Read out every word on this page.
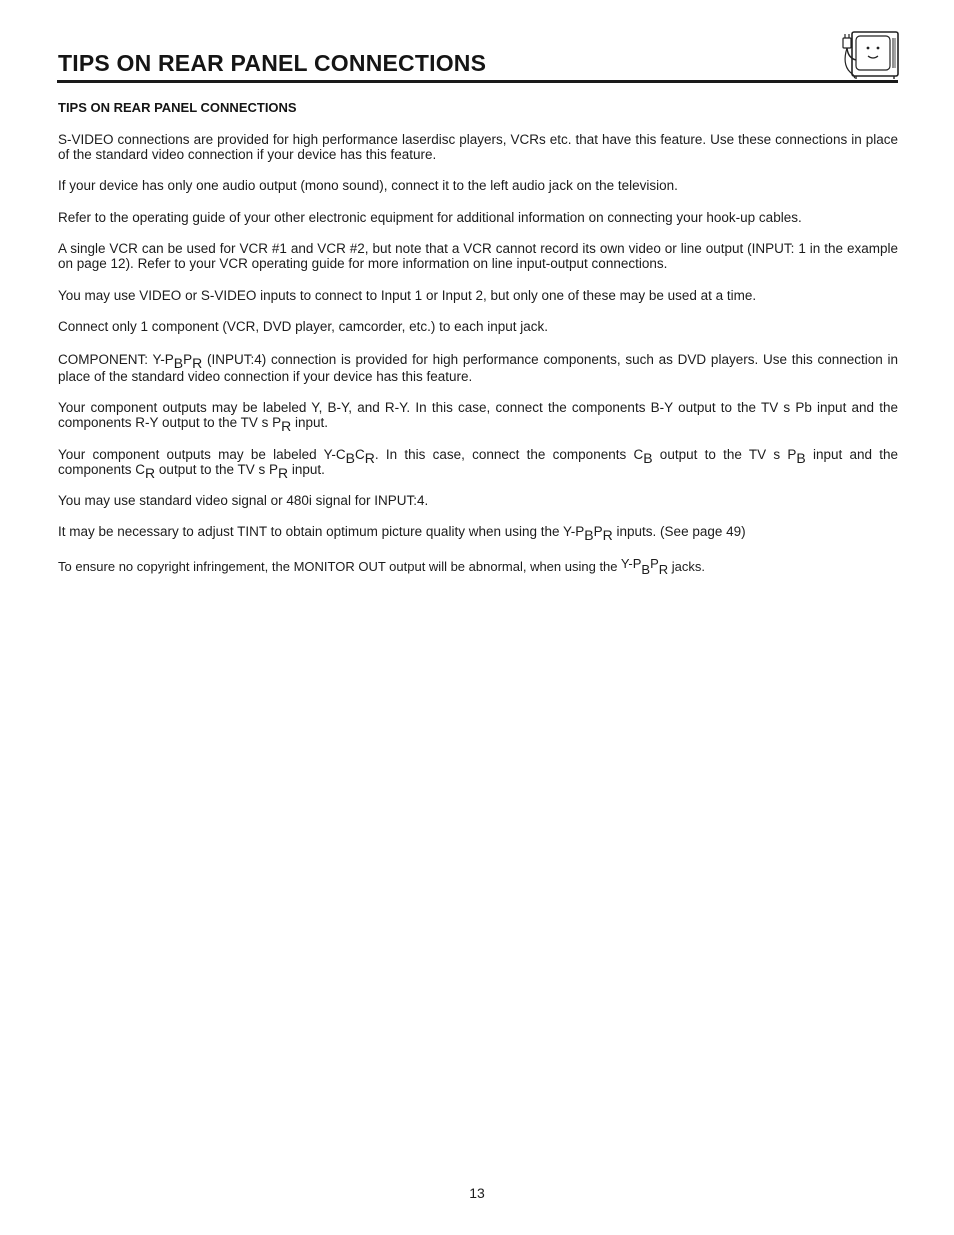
TIPS ON REAR PANEL CONNECTIONS
TIPS ON REAR PANEL CONNECTIONS

S-VIDEO connections are provided for high performance laserdisc players, VCRs etc. that have this feature. Use these connections in place of the standard video connection if your device has this feature.

If your device has only one audio output (mono sound), connect it to the left audio jack on the television.

Refer to the operating guide of your other electronic equipment for additional information on connecting your hook-up cables.

A single VCR can be used for VCR #1 and VCR #2, but note that a VCR cannot record its own video or line output (INPUT: 1 in the example on page 12). Refer to your VCR operating guide for more information on line input-output connections.

You may use VIDEO or S-VIDEO inputs to connect to Input 1 or Input 2, but only one of these may be used at a time.

Connect only 1 component (VCR, DVD player, camcorder, etc.) to each input jack.

COMPONENT: Y-PBPR (INPUT:4) connection is provided for high performance components, such as DVD players. Use this connection in place of the standard video connection if your device has this feature.

Your component outputs may be labeled Y, B-Y, and R-Y. In this case, connect the components B-Y output to the TV s Pb input and the components R-Y output to the TV s PR input.

Your component outputs may be labeled Y-CBCR. In this case, connect the components CB output to the TV s PB input and the components CR output to the TV s PR input.

You may use standard video signal or 480i signal for INPUT:4.

It may be necessary to adjust TINT to obtain optimum picture quality when using the Y-PBPR inputs. (See page 49)

To ensure no copyright infringement, the MONITOR OUT output will be abnormal, when using the Y-PBPR jacks.

13
